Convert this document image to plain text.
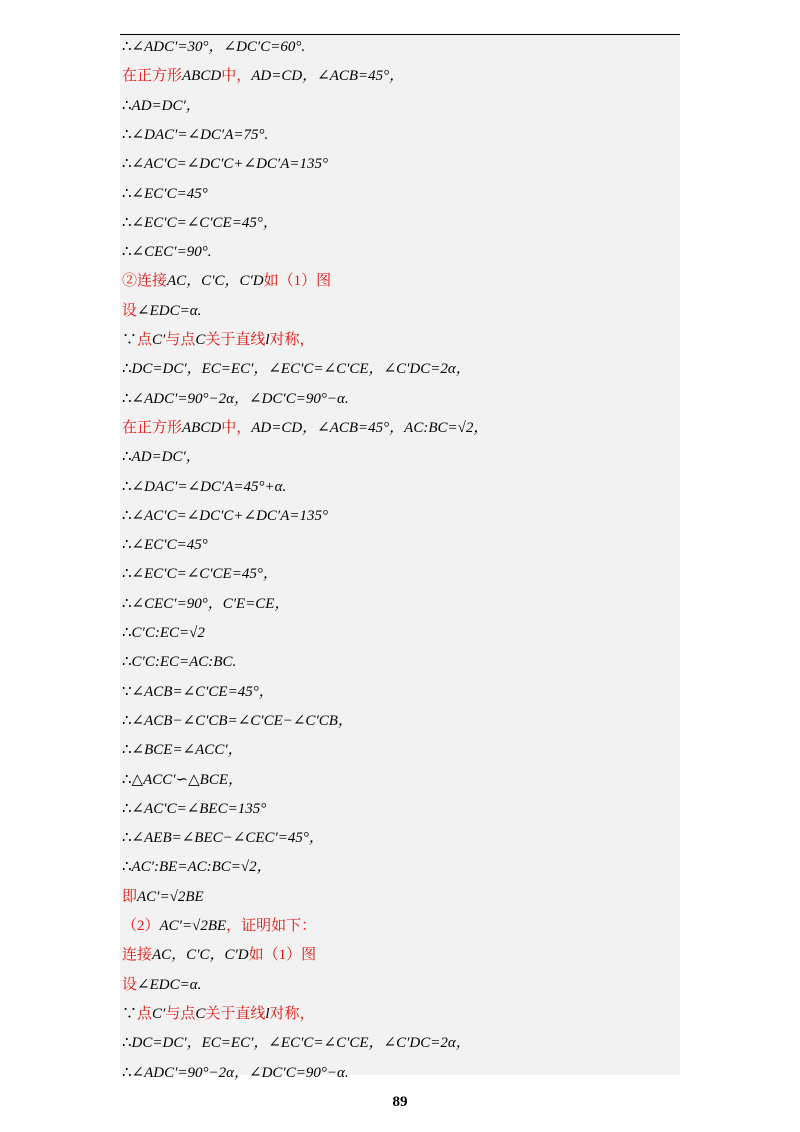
∴∠ADC′=30°，∠DC′C=60°.
在正方形ABCD中，AD=CD，∠ACB=45°，
∴AD=DC′，
∴∠DAC′=∠DC′A=75°.
∴∠AC′C=∠DC′C+∠DC′A=135°
∴∠EC′C=45°
∴∠EC′C=∠C′CE=45°，
∴∠CEC′=90°.
②连接AC，C′C，C′D如（1）图
设∠EDC=α.
∵点C′与点C关于直线l对称，
∴DC=DC′，EC=EC′，∠EC′C=∠C′CE，∠C′DC=2α，
∴∠ADC′=90°−2α，∠DC′C=90°−α.
在正方形ABCD中，AD=CD，∠ACB=45°，AC:BC=√2，
∴AD=DC′，
∴∠DAC′=∠DC′A=45°+α.
∴∠AC′C=∠DC′C+∠DC′A=135°
∴∠EC′C=45°
∴∠EC′C=∠C′CE=45°，
∴∠CEC′=90°，C′E=CE，
∴C′C:EC=√2
∴C′C:EC=AC:BC.
∵∠ACB=∠C′CE=45°，
∴∠ACB−∠C′CB=∠C′CE−∠C′CB，
∴∠BCE=∠ACC′，
∴△ACC′∽△BCE，
∴∠AC′C=∠BEC=135°
∴∠AEB=∠BEC−∠CEC′=45°，
∴AC′:BE=AC:BC=√2，
即AC′=√2BE
（2）AC′=√2BE，证明如下：
连接AC，C′C，C′D如（1）图
设∠EDC=α.
∵点C′与点C关于直线l对称，
∴DC=DC′，EC=EC′，∠EC′C=∠C′CE，∠C′DC=2α，
∴∠ADC′=90°−2α，∠DC′C=90°−α.
89
